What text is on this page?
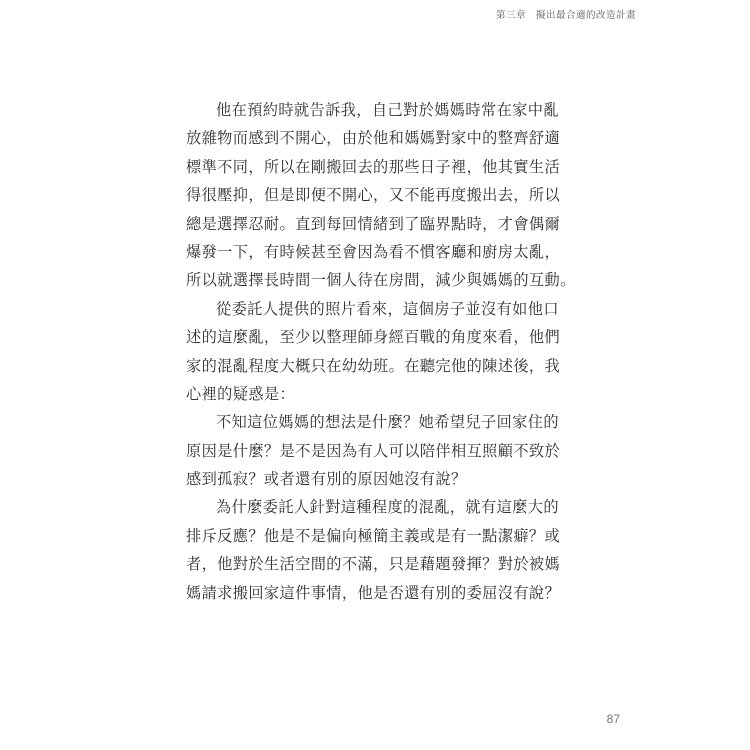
第三章　擬出最合適的改造計畫
他在預約時就告訴我，自己對於媽媽時常在家中亂
放雜物而感到不開心，由於他和媽媽對家中的整齊舒適
標準不同，所以在剛搬回去的那些日子裡，他其實生活
得很壓抑，但是即便不開心，又不能再度搬出去，所以
總是選擇忍耐。直到每回情緒到了臨界點時，才會偶爾
爆發一下，有時候甚至會因為看不慣客廳和廚房太亂，
所以就選擇長時間一個人待在房間，減少與媽媽的互動。
從委託人提供的照片看來，這個房子並沒有如他口
述的這麼亂，至少以整理師身經百戰的角度來看，他們
家的混亂程度大概只在幼幼班。在聽完他的陳述後，我
心裡的疑惑是：
不知這位媽媽的想法是什麼？她希望兒子回家住的
原因是什麼？是不是因為有人可以陪伴相互照顧不致於
感到孤寂？或者還有別的原因她沒有說？
為什麼委託人針對這種程度的混亂，就有這麼大的
排斥反應？他是不是偏向極簡主義或是有一點潔癖？或
者，他對於生活空間的不滿，只是藉題發揮？對於被媽
媽請求搬回家這件事情，他是否還有別的委屈沒有說？
87
